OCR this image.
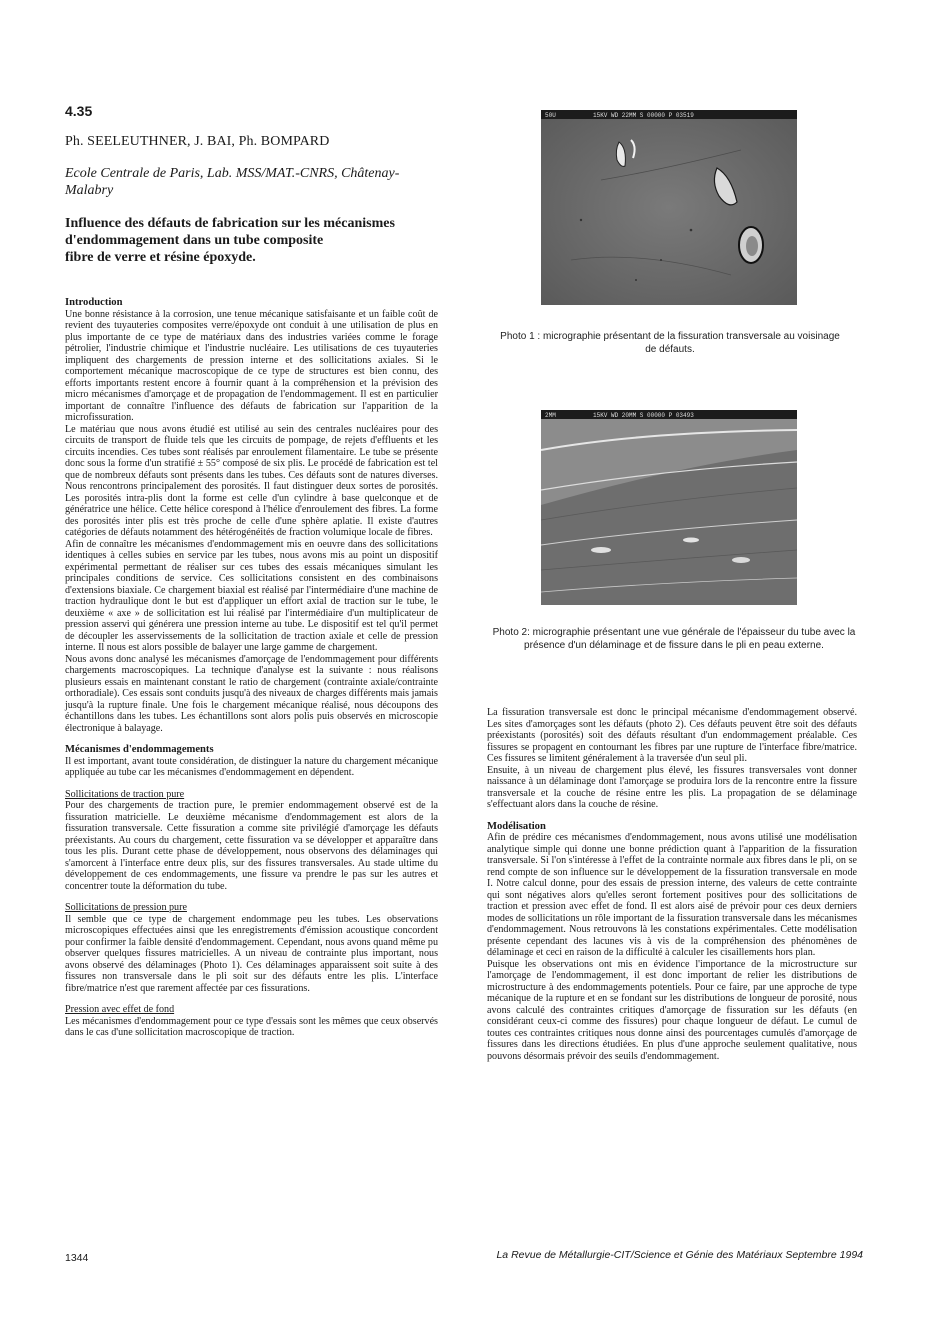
4.35
Ph. SEELEUTHNER, J. BAI, Ph. BOMPARD
Ecole Centrale de Paris, Lab. MSS/MAT.-CNRS, Châtenay-Malabry
Influence des défauts de fabrication sur les mécanismes
d'endommagement dans un tube composite
fibre de verre et résine époxyde.

Introduction

Une bonne résistance à la corrosion, une tenue mécanique satisfaisante et un faible coût de revient des tuyauteries composites verre/époxyde ont conduit à une utilisation de plus en plus importante de ce type de matériaux dans des industries variées comme le forage pétrolier, l'industrie chimique et l'industrie nucléaire. Les utilisations de ces tuyauteries impliquent des chargements de pression interne et des sollicitations axiales. Si le comportement mécanique macroscopique de ce type de structures est bien connu, des efforts importants restent encore à fournir quant à la compréhension et la prévision des micro mécanismes d'amorçage et de propagation de l'endommagement. Il est en particulier important de connaître l'influence des défauts de fabrication sur l'apparition de la microfissuration.

Le matériau que nous avons étudié est utilisé au sein des centrales nucléaires pour des circuits de transport de fluide tels que les circuits de pompage, de rejets d'effluents et les circuits incendies. Ces tubes sont réalisés par enroulement filamentaire. Le tube se présente donc sous la forme d'un stratifié ± 55° composé de six plis. Le procédé de fabrication est tel que de nombreux défauts sont présents dans les tubes. Ces défauts sont de natures diverses. Nous rencontrons principalement des porosités. Il faut distinguer deux sortes de porosités. Les porosités intra-plis dont la forme est celle d'un cylindre à base quelconque et de génératrice une hélice. Cette hélice corespond à l'hélice d'enroulement des fibres. La forme des porosités inter plis est très proche de celle d'une sphère aplatie. Il existe d'autres catégories de défauts notamment des hétérogénéités de fraction volumique locale de fibres.

Afin de connaître les mécanismes d'endommagement mis en oeuvre dans des sollicitations identiques à celles subies en service par les tubes, nous avons mis au point un dispositif expérimental permettant de réaliser sur ces tubes des essais mécaniques simulant les principales conditions de service. Ces sollicitations consistent en des combinaisons d'extensions biaxiale. Ce chargement biaxial est réalisé par l'intermédiaire d'une machine de traction hydraulique dont le but est d'appliquer un effort axial de traction sur le tube, le deuxième « axe » de sollicitation est lui réalisé par l'intermédiaire d'un multiplicateur de pression asservi qui générera une pression interne au tube. Le dispositif est tel qu'il permet de découpler les asservissements de la sollicitation de traction axiale et celle de pression interne. Il nous est alors possible de balayer une large gamme de chargement.

Nous avons donc analysé les mécanismes d'amorçage de l'endommagement pour différents chargements macroscopiques. La technique d'analyse est la suivante : nous réalisons plusieurs essais en maintenant constant le ratio de chargement (contrainte axiale/contrainte orthoradiale). Ces essais sont conduits jusqu'à des niveaux de charges différents mais jamais jusqu'à la rupture finale. Une fois le chargement mécanique réalisé, nous découpons des échantillons dans les tubes. Les échantillons sont alors polis puis observés en microscopie électronique à balayage.

Mécanismes d'endommagements

Il est important, avant toute considération, de distinguer la nature du chargement mécanique appliquée au tube car les mécanismes d'endommagement en dépendent.

Sollicitations de traction pure

Pour des chargements de traction pure, le premier endommagement observé est de la fissuration matricielle. Le deuxième mécanisme d'endommagement est alors de la fissuration transversale. Cette fissuration a comme site privilégié d'amorçage les défauts préexistants. Au cours du chargement, cette fissuration va se développer et apparaître dans tous les plis. Durant cette phase de développement, nous observons des délaminages qui s'amorcent à l'interface entre deux plis, sur des fissures transversales. Au stade ultime du développement de ces endommagements, une fissure va prendre le pas sur les autres et concentrer toute la déformation du tube.

Sollicitations de pression pure

Il semble que ce type de chargement endommage peu les tubes. Les observations microscopiques effectuées ainsi que les enregistrements d'émission acoustique concordent pour confirmer la faible densité d'endommagement. Cependant, nous avons quand même pu observer quelques fissures matricielles. A un niveau de contrainte plus important, nous avons observé des délaminages (Photo 1). Ces délaminages apparaissent soit suite à des fissures non transversale dans le pli soit sur des défauts entre les plis. L'interface fibre/matrice n'est que rarement affectée par ces fissurations.

Pression avec effet de fond

Les mécanismes d'endommagement pour ce type d'essais sont les mêmes que ceux observés dans le cas d'une sollicitation macroscopique de traction.

50U	15KV WD 22MM S 00000 P 03519
Photo 1 : micrographie présentant de la fissuration transversale au voisinage de défauts.
2MM	15KV WD 20MM S 00000 P 03493
Photo 2: micrographie présentant une vue générale de l'épaisseur du tube avec la présence d'un délaminage et de fissure dans le pli en peau externe.

La fissuration transversale est donc le principal mécanisme d'endommagement observé. Les sites d'amorçages sont les défauts (photo 2). Ces défauts peuvent être soit des défauts préexistants (porosités) soit des défauts résultant d'un endommagement préalable. Ces fissures se propagent en contournant les fibres par une rupture de l'interface fibre/matrice. Ces fissures se limitent généralement à la traversée d'un seul pli.

Ensuite, à un niveau de chargement plus élevé, les fissures transversales vont donner naissance à un délaminage dont l'amorçage se produira lors de la rencontre entre la fissure transversale et la couche de résine entre les plis. La propagation de se délaminage s'effectuant alors dans la couche de résine.

Modélisation

Afin de prédire ces mécanismes d'endommagement, nous avons utilisé une modélisation analytique simple qui donne une bonne prédiction quant à l'apparition de la fissuration transversale. Si l'on s'intéresse à l'effet de la contrainte normale aux fibres dans le pli, on se rend compte de son influence sur le développement de la fissuration transversale en mode I. Notre calcul donne, pour des essais de pression interne, des valeurs de cette contrainte qui sont négatives alors qu'elles seront fortement positives pour des sollicitations de traction et pression avec effet de fond. Il est alors aisé de prévoir pour ces deux derniers modes de sollicitations un rôle important de la fissuration transversale dans les mécanismes d'endommagement. Nous retrouvons là les constations expérimentales. Cette modélisation présente cependant des lacunes vis à vis de la compréhension des phénomènes de délaminage et ceci en raison de la difficulté à calculer les cisaillements hors plan.

Puisque les observations ont mis en évidence l'importance de la microstructure sur l'amorçage de l'endommagement, il est donc important de relier les distributions de microstructure à des endommagements potentiels. Pour ce faire, par une approche de type mécanique de la rupture et en se fondant sur les distributions de longueur de porosité, nous avons calculé des contraintes critiques d'amorçage de fissuration sur les défauts (en considérant ceux-ci comme des fissures) pour chaque longueur de défaut. Le cumul de toutes ces contraintes critiques nous donne ainsi des pourcentages cumulés d'amorçage de fissures dans les directions étudiées. En plus d'une approche seulement qualitative, nous pouvons désormais prévoir des seuils d'endommagement.

1344	La Revue de Métallurgie-CIT/Science et Génie des Matériaux Septembre 1994
